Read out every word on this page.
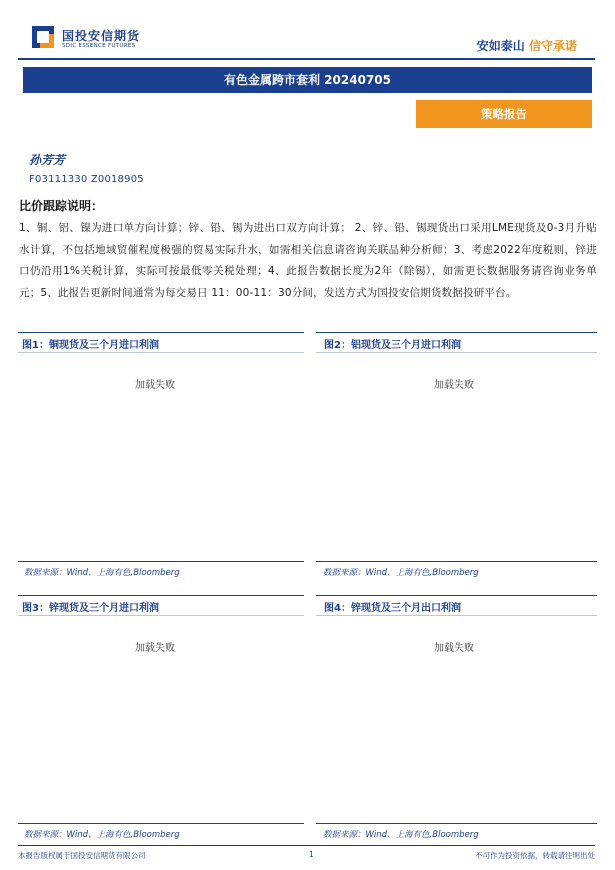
国投安信期货
SDIC ESSENCE FUTURES	安如泰山 信守承诺
有色金属跨市套利 20240705
策略报告
孙芳芳
F03111330 Z0018905
比价跟踪说明：
1、铜、铝、镍为进口单方向计算；锌、铅、锡为进出口双方向计算； 2、锌、铅、锡现货出口采用LME现货及0-3月升贴水计算，不包括地域贸催程度极强的贸易实际升水，如需相关信息请咨询关联品种分析师；3、考虑2022年度税则，锌进口仍沿用1%关税计算，实际可按最低零关税处理；4、此报告数据长度为2年（除锡），如需更长数据服务请咨询业务单元；5、此报告更新时间通常为每交易日 11：00-11：30分间，发送方式为国投安信期货数据投研平台。
图1：铜现货及三个月进口利润
加载失败
数据来源：Wind、上海有色,Bloomberg
图2：铝现货及三个月进口利润
加载失败
数据来源：Wind、上海有色,Bloomberg
图3：锌现货及三个月进口利润
加载失败
数据来源：Wind、上海有色,Bloomberg
图4：锌现货及三个月出口利润
加载失败
数据来源：Wind、上海有色,Bloomberg
本报告版权属于国投安信期货有限公司	1	不可作为投资依据，转载请注明出处
